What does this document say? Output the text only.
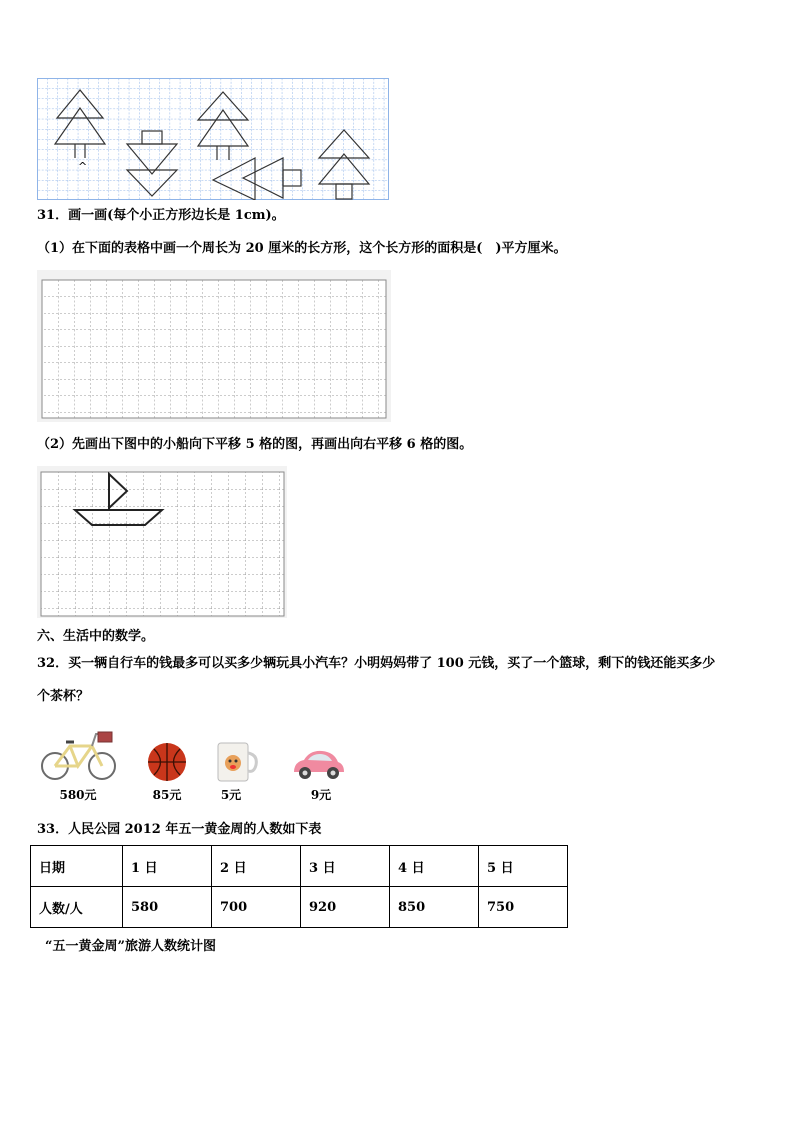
^
31．画一画(每个小正方形边长是 1cm)。
（1）在下面的表格中画一个周长为 20 厘米的长方形，这个长方形的面积是(　)平方厘米。
（2）先画出下图中的小船向下平移 5 格的图，再画出向右平移 6 格的图。
六、生活中的数学。
32．买一辆自行车的钱最多可以买多少辆玩具小汽车？小明妈妈带了 100 元钱，买了一个篮球，剩下的钱还能买多少
个茶杯？
580元	85元	5元	9元
33．人民公园 2012 年五一黄金周的人数如下表
日期	1 日	2 日	3 日	4 日	5 日
人数/人	580	700	920	850	750
“五一黄金周”旅游人数统计图
